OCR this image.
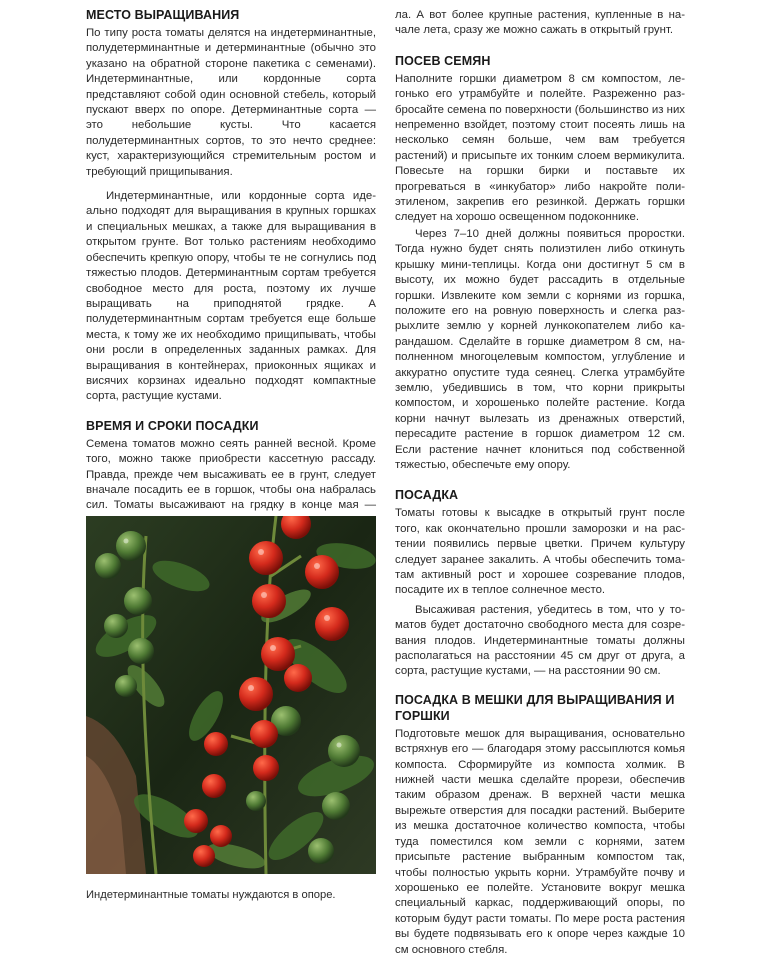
МЕСТО ВЫРАЩИВАНИЯ

По типу роста томаты делятся на индетерминантные, полудетерминантные и детерминантные (обычно это указано на обратной стороне пакетика с семенами). Индетерминантные, или кордонные сорта представляют собой один основной стебель, который пускают вверх по опоре. Детерминантные сорта — это небольшие кусты. Что касается полудетерминантных сортов, то это нечто среднее: куст, характеризующийся стремительным ростом и требующий прищипывания.

Индетерминантные, или кордонные сорта идеально подходят для выращивания в крупных горшках и специальных мешках, а также для выращивания в открытом грунте. Вот только растениям необходимо обеспечить крепкую опору, чтобы те не согнулись под тяжестью плодов. Детерминантным сортам требуется свободное место для роста, поэтому их лучше выращивать на приподнятой грядке. А полудетерминантным сортам требуется еще больше места, к тому же их необходимо прищипывать, чтобы они росли в определенных заданных рамках. Для выращивания в контейнерах, приоконных ящиках и висячих корзинах идеально подходят компактные сорта, растущие кустами.

ВРЕМЯ И СРОКИ ПОСАДКИ

Семена томатов можно сеять ранней весной. Кроме того, можно также приобрести кассетную рассаду. Правда, прежде чем высаживать ее в грунт, следует вначале посадить ее в горшок, чтобы она набралась сил. Томаты высаживают на грядку в конце мая —

Индетерминантные томаты нуждаются в опоре.

ла. А вот более крупные растения, купленные в начале лета, сразу же можно сажать в открытый грунт.

ПОСЕВ СЕМЯН

Наполните горшки диаметром 8 см компостом, легонько его утрамбуйте и полейте. Разреженно разбросайте семена по поверхности (большинство из них непременно взойдет, поэтому стоит посеять лишь на несколько семян больше, чем вам требуется растений) и присыпьте их тонким слоем вермикулита. Повесьте на горшки бирки и поставьте их прогреваться в «инкубатор» либо накройте полиэтиленом, закрепив его резинкой. Держать горшки следует на хорошо освещенном подоконнике.

Через 7–10 дней должны появиться проростки. Тогда нужно будет снять полиэтилен либо откинуть крышку мини-теплицы. Когда они достигнут 5 см в высоту, их можно будет рассадить в отдельные горшки. Извлеките ком земли с корнями из горшка, положите его на ровную поверхность и слегка разрыхлите землю у корней лункокопателем либо карандашом. Сделайте в горшке диаметром 8 см, наполненном многоцелевым компостом, углубление и аккуратно опустите туда сеянец. Слегка утрамбуйте землю, убедившись в том, что корни прикрыты компостом, и хорошенько полейте растение. Когда корни начнут вылезать из дренажных отверстий, пересадите растение в горшок диаметром 12 см. Если растение начнет клониться под собственной тяжестью, обеспечьте ему опору.

ПОСАДКА

Томаты готовы к высадке в открытый грунт после того, как окончательно прошли заморозки и на растении появились первые цветки. Причем культуру следует заранее закалить. А чтобы обеспечить томатам активный рост и хорошее созревание плодов, посадите их в теплое солнечное место.

Высаживая растения, убедитесь в том, что у томатов будет достаточно свободного места для созревания плодов. Индетерминантные томаты должны располагаться на расстоянии 45 см друг от друга, а сорта, растущие кустами, — на расстоянии 90 см.

ПОСАДКА В МЕШКИ ДЛЯ ВЫРАЩИВАНИЯ И ГОРШКИ

Подготовьте мешок для выращивания, основательно встряхнув его — благодаря этому рассыплются комья компоста. Сформируйте из компоста холмик. В нижней части мешка сделайте прорези, обеспечив таким образом дренаж. В верхней части мешка вырежьте отверстия для посадки растений. Выберите из мешка достаточное количество компоста, чтобы туда поместился ком земли с корнями, затем присыпьте растение выбранным компостом так, чтобы полностью укрыть корни. Утрамбуйте почву и хорошенько ее полейте. Установите вокруг мешка специальный каркас, поддерживающий опоры, по которым будут расти томаты. По мере роста растения вы будете подвязывать его к опоре через каждые 10 см основного стебля.
